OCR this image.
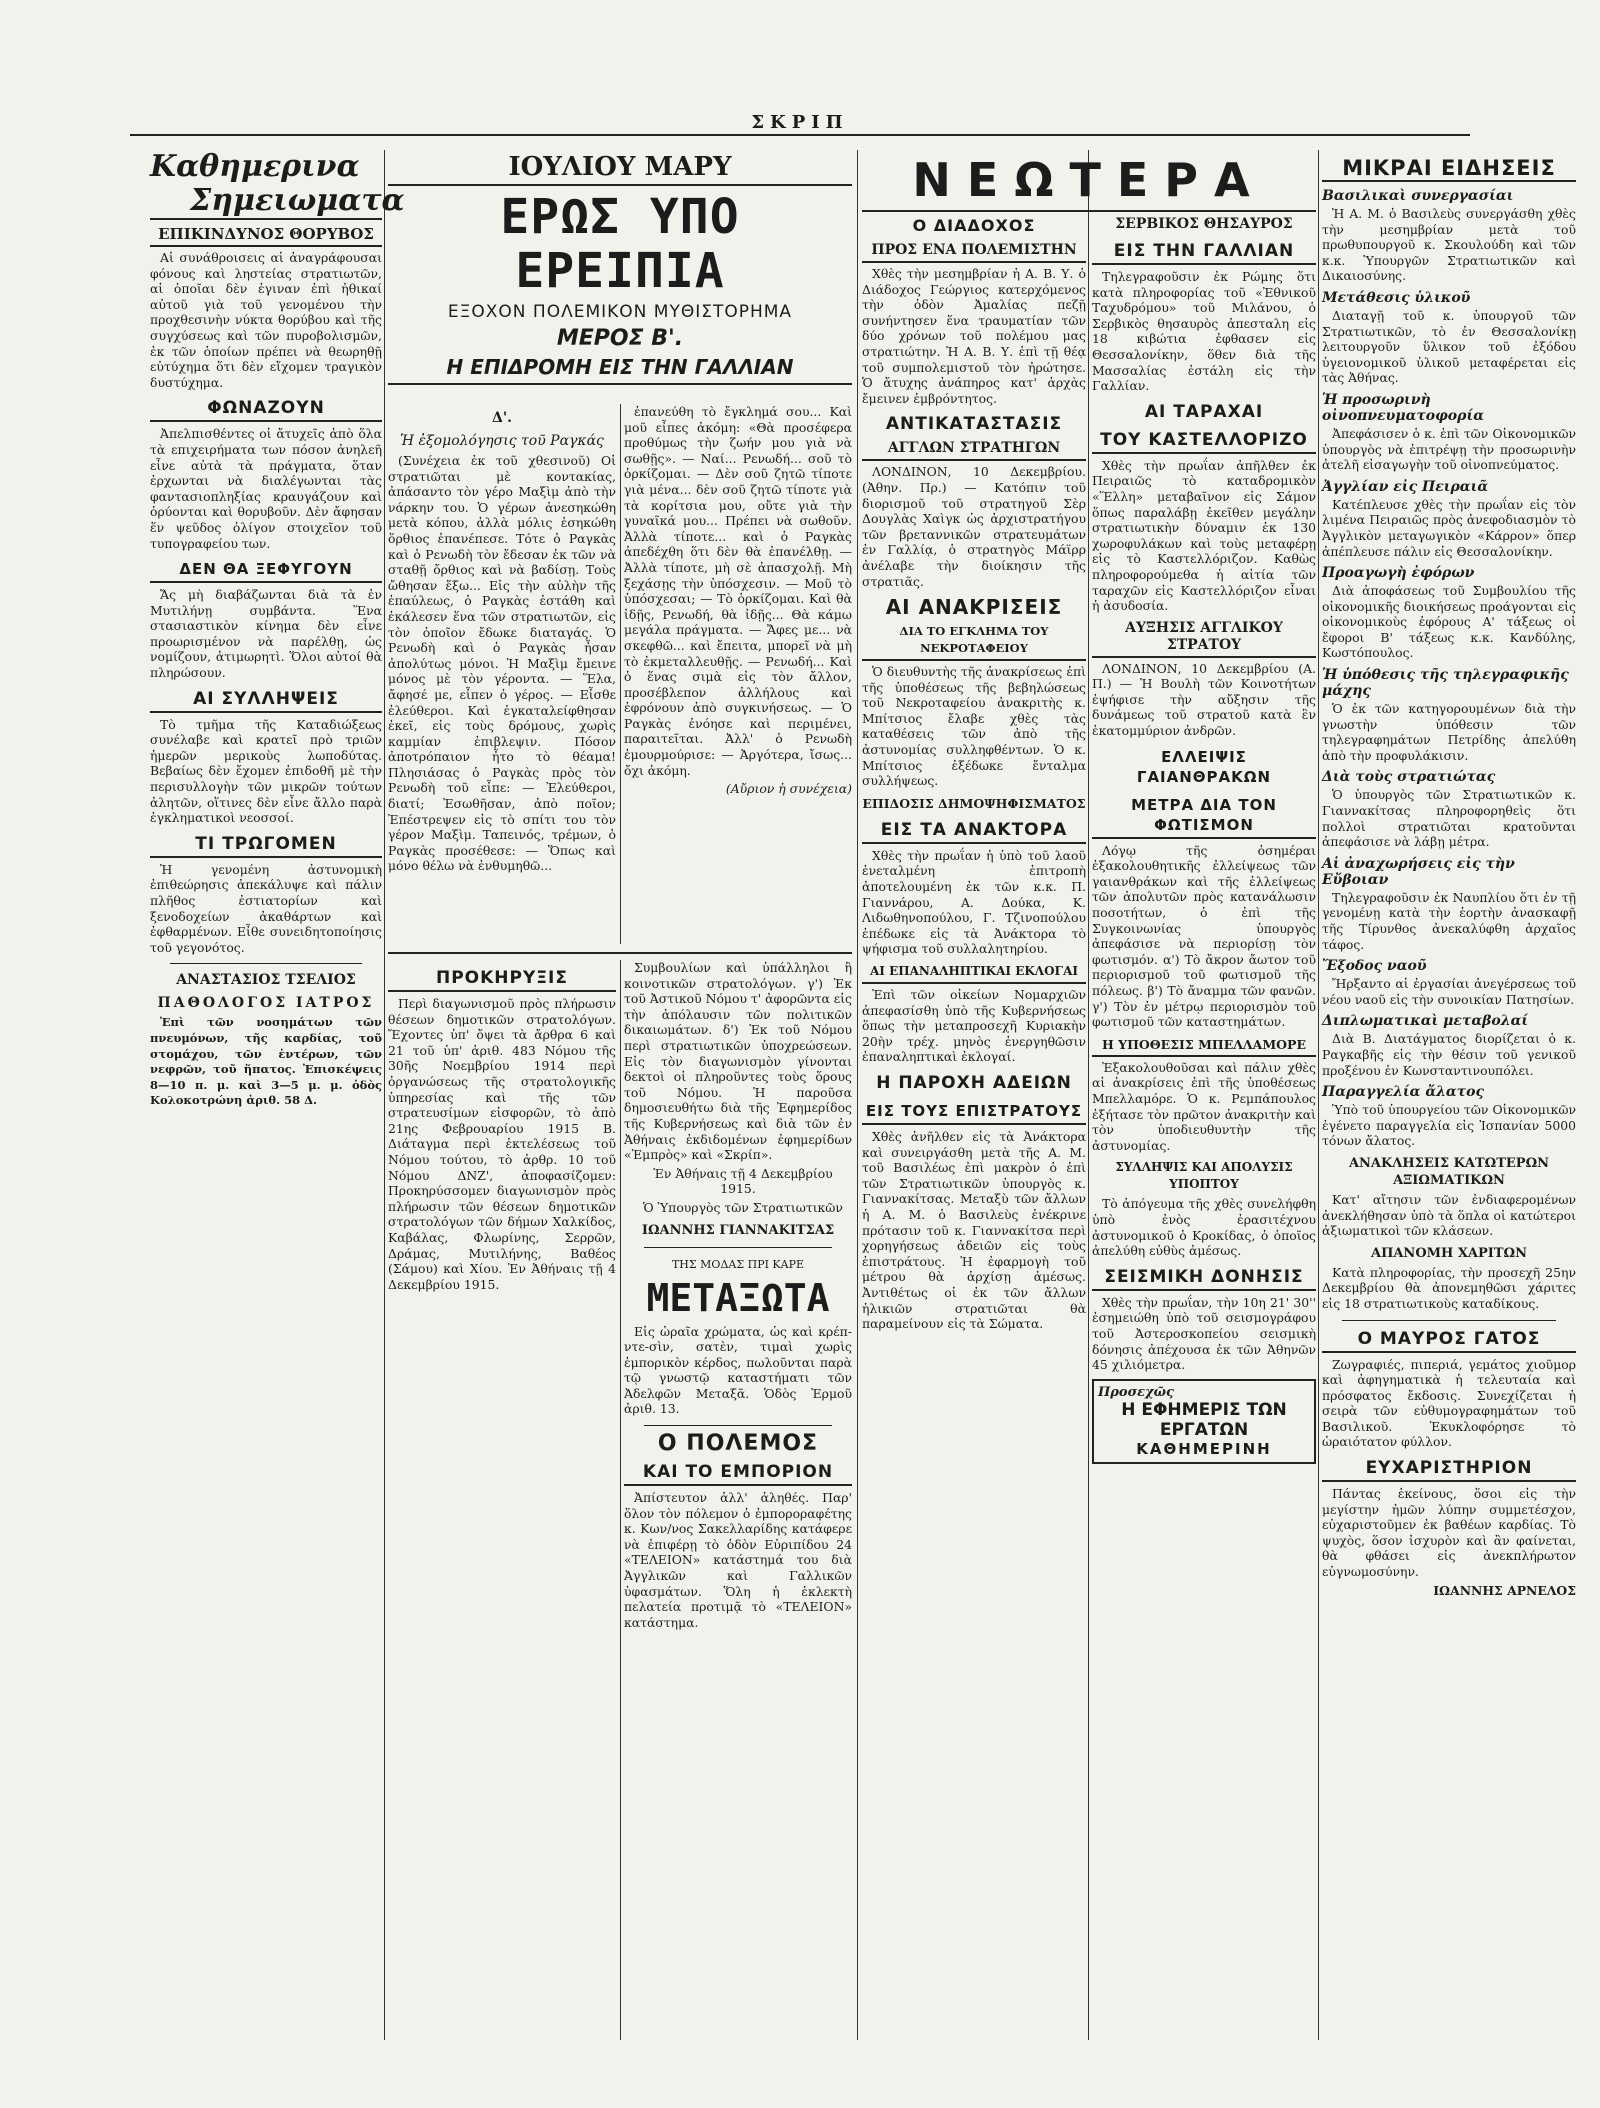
ΣΚΡΙΠ
Καθημερινα
Σημειωματα
ΕΠΙΚΙΝΔΥΝΟΣ ΘΟΡΥΒΟΣ

Αἱ συνάθροισεις αἱ ἀναγράφουσαι φόνους καὶ ληστείας στρατιωτῶν, αἱ ὁποῖαι δὲν ἐγιναν ἐπὶ ἠθικαί αὐτοῦ γιὰ τοῦ γενομένου τὴν προχθεσινὴν νύκτα θορύβου καὶ τῆς συγχύσεως καὶ τῶν πυροβολισμῶν, ἐκ τῶν ὁποίων πρέπει νὰ θεωρηθῇ εὐτύχημα ὅτι δὲν εἴχομεν τραγικὸν δυστύχημα.

ΦΩΝΑΖΟΥΝ

Ἀπελπισθέντες οἱ ἄτυχεῖς ἀπὸ ὅλα τὰ επιχειρήματα των πόσον ἀνηλεῆ εἶνε αὐτὰ τὰ πράγματα, ὅταν ἐρχωνται νὰ διαλέγωνται τὰς φαντασιοπληξίας κραυγάζουν καὶ ὀρύονται καὶ θορυβοῦν. Δὲν ἄφησαν ἕν ψεῦδος ὀλίγον στοιχεῖον τοῦ τυπογραφείου των.

ΔΕΝ ΘΑ ΞΕΦΥΓΟΥΝ

Ἄς μὴ διαβάζωνται διὰ τὰ ἐν Μυτιλήνῃ συμβάντα. Ἕνα στασιαστικὸν κίνημα δὲν εἶνε προωρισμένον νὰ παρέλθῃ, ὡς νομίζουν, ἀτιμωρητὶ. Ὅλοι αὐτοί θὰ πληρώσουν.

ΑΙ ΣΥΛΛΗΨΕΙΣ

Τὸ τμῆμα τῆς Καταδιώξεως συνέλαβε καὶ κρατεῖ πρὸ τριῶν ἡμερῶν μερικοὺς λωποδύτας. Βεβαίως δὲν ἔχομεν ἐπιδοθῆ μὲ τὴν περισυλλογὴν τῶν μικρῶν τούτων ἀλητῶν, οἵτινες δὲν εἶνε ἄλλο παρὰ ἐγκληματικοὶ νεοσσοί.

ΤΙ ΤΡΩΓΟΜΕΝ

Ἡ γενομένη ἀστυνομικὴ ἐπιθεώρησις ἀπεκάλυψε καὶ πάλιν πλῆθος ἐστιατορίων καὶ ξενοδοχείων ἀκαθάρτων καὶ ἐφθαρμένων. Εἶθε συνειδητοποίησις τοῦ γεγονότος.

ΑΝΑΣΤΑΣΙΟΣ ΤΣΕΛΙΟΣ
ΠΑΘΟΛΟΓΟΣ ΙΑΤΡΟΣ

Ἐπὶ τῶν νοσημάτων τῶν πνευμόνων, τῆς καρδίας, τοῦ στομάχου, τῶν ἐντέρων, τῶν νεφρῶν, τοῦ ἥπατος. Ἐπισκέψεις 8—10 π. μ. καὶ 3—5 μ. μ. ὁδὸς Κολοκοτρώνη ἀριθ. 58 Δ.

ΙΟΥΛΙΟΥ ΜΑΡΥ
ΕΡΩΣ ΥΠΟ ΕΡΕΙΠΙΑ
ΕΞΟΧΟΝ ΠΟΛΕΜΙΚΟΝ ΜΥΘΙΣΤΟΡΗΜΑ
ΜΕΡΟΣ Β'.
Η ΕΠΙΔΡΟΜΗ ΕΙΣ ΤΗΝ ΓΑΛΛΙΑΝ
Δ'.
Ἡ ἐξομολόγησις τοῦ Ραγκάς

(Συνέχεια ἐκ τοῦ χθεσινοῦ) Οἱ στρατιῶται μὲ κοντακίας, ἀπάσαντο τὸν γέρο Μαξὶμ ἀπὸ τὴν νάρκην του. Ὁ γέρων ἀνεσηκώθη μετὰ κόπου, ἀλλὰ μόλις ἐσηκώθη ὅρθιος ἐπανέπεσε. Τότε ὁ Ραγκὰς καὶ ὁ Ρενωδὴ τὸν ἔδεσαν ἐκ τῶν νὰ σταθῇ ὄρθιος καὶ νὰ βαδίσῃ. Τοὺς ὤθησαν ἔξω... Εἰς τὴν αὐλὴν τῆς ἐπαύλεως, ὁ Ραγκὰς ἐστάθη καὶ ἐκάλεσεν ἕνα τῶν στρατιωτῶν, εἰς τὸν ὁποῖον ἔδωκε διαταγάς. Ὁ Ρενωδὴ καὶ ὁ Ραγκὰς ἦσαν ἀπολύτως μόνοι. Ἡ Μαξὶμ ἔμεινε μόνος μὲ τὸν γέροντα. — Ἕλα, ἄφησέ με, εἶπεν ὁ γέρος. — Εἶσθε ἐλεύθεροι. Καὶ ἐγκαταλείφθησαν ἐκεῖ, εἰς τοὺς δρόμους, χωρὶς καμμίαν ἐπιβλεψιν. Πόσον ἀποτρόπαιον ἦτο τὸ θέαμα! Πλησιάσας ὁ Ραγκὰς πρὸς τὸν Ρενωδὴ τοῦ εἶπε: — Ἐλεύθεροι, διατί; Ἐσωθῆσαν, ἀπὸ ποῖον; Ἐπέστρεψεν εἰς τὸ σπίτι του τὸν γέρον Μαξὶμ. Ταπεινός, τρέμων, ὁ Ραγκὰς προσέθεσε: — Ὅπως καὶ μόνο θέλω νὰ ἐνθυμηθῶ...

ἐπανεύθη τὸ ἔγκλημά σου... Καὶ μοῦ εἶπες ἀκόμη: «Θὰ προσέφερα προθύμως τὴν ζωήν μου γιὰ νὰ σωθῇς». — Ναί... Ρενωδή... σοῦ τὸ ὁρκίζομαι. — Δὲν σοῦ ζητῶ τίποτε γιὰ μένα... δὲν σοῦ ζητῶ τίποτε γιὰ τὰ κορίτσια μου, οὔτε γιὰ τὴν γυναῖκά μου... Πρέπει νὰ σωθοῦν. Ἀλλὰ τίποτε... καὶ ὁ Ραγκὰς ἀπεδέχθη ὅτι δὲν θὰ ἐπανέλθῃ. — Ἀλλὰ τίποτε, μὴ σὲ ἀπασχολῇ. Μὴ ξεχάσῃς τὴν ὑπόσχεσιν. — Μοῦ τὸ ὑπόσχεσαι; — Τὸ ὁρκίζομαι. Καὶ θὰ ἰδῇς, Ρενωδή, θὰ ἰδῇς... Θὰ κάμω μεγάλα πράγματα. — Ἄφες με... νὰ σκεφθῶ... καὶ ἔπειτα, μπορεῖ νὰ μὴ τὸ ἐκμεταλλευθῇς. — Ρενωδή... Καὶ ὁ ἕνας σιμὰ εἰς τὸν ἄλλον, προσέβλεπον ἀλλήλους καὶ ἐφρόνουν ἀπὸ συγκινήσεως. — Ὁ Ραγκὰς ἐνόησε καὶ περιμένει, παραιτεῖται. Ἀλλ' ὁ Ρενωδὴ ἐμουρμούρισε: — Ἀργότερα, ἴσως... ὄχι ἀκόμη.

(Αὔριον ἡ συνέχεια)

ΠΡΟΚΗΡΥΞΙΣ

Περὶ διαγωνισμοῦ πρὸς πλήρωσιν θέσεων δημοτικῶν στρατολόγων. Ἔχοντες ὑπ' ὄψει τὰ ἄρθρα 6 καὶ 21 τοῦ ὑπ' ἀριθ. 483 Νόμου τῆς 30ῆς Νοεμβρίου 1914 περὶ ὀργανώσεως τῆς στρατολογικῆς ὑπηρεσίας καὶ τῆς τῶν στρατευσίμων εἰσφορῶν, τὸ ἀπὸ 21ης Φεβρουαρίου 1915 Β. Διάταγμα περὶ ἐκτελέσεως τοῦ Νόμου τούτου, τὸ ἀρθρ. 10 τοῦ Νόμου ΔΝΖ', ἀποφασίζομεν: Προκηρύσσομεν διαγωνισμὸν πρὸς πλήρωσιν τῶν θέσεων δημοτικῶν στρατολόγων τῶν δήμων Χαλκίδος, Καβάλας, Φλωρίνης, Σερρῶν, Δράμας, Μυτιλήνης, Βαθέος (Σάμου) καὶ Χίου. Ἐν Ἀθήναις τῇ 4 Δεκεμβρίου 1915.

Συμβουλίων καὶ ὑπάλληλοι ἢ κοινοτικῶν στρατολόγων. γ') Ἐκ τοῦ Ἀστικοῦ Νόμου τ' ἀφορῶντα εἰς τὴν ἀπόλαυσιν τῶν πολιτικῶν δικαιωμάτων. δ') Ἐκ τοῦ Νόμου περὶ στρατιωτικῶν ὑποχρεώσεων. Εἰς τὸν διαγωνισμὸν γίνονται δεκτοὶ οἱ πληροῦντες τοὺς ὅρους τοῦ Νόμου. Ἡ παροῦσα δημοσιευθήτω διὰ τῆς Ἐφημερίδος τῆς Κυβερνήσεως καὶ διὰ τῶν ἐν Ἀθήναις ἐκδιδομένων ἐφημερίδων «Ἐμπρὸς» καὶ «Σκρίπ».

Ἐν Ἀθήναις τῇ 4 Δεκεμβρίου 1915.

Ὁ Ὑπουργὸς τῶν Στρατιωτικῶν

ΙΩΑΝΝΗΣ ΓΙΑΝΝΑΚΙΤΣΑΣ
ΤΗΣ ΜΟΔΑΣ ΠΡΙ ΚΑΡΕ
ΜΕΤΑΞΩΤΑ

Εἰς ὡραῖα χρώματα, ὡς καὶ κρέπ-ντε-σὶν, σατὲν, τιμαὶ χωρὶς ἐμπορικὸν κέρδος, πωλοῦνται παρὰ τῷ γνωστῷ καταστήματι τῶν Ἀδελφῶν Μεταξᾶ. Ὁδὸς Ἑρμοῦ ἀριθ. 13.

Ο ΠΟΛΕΜΟΣ
ΚΑΙ ΤΟ ΕΜΠΟΡΙΟΝ

Ἀπίστευτον ἀλλ' ἀληθές. Παρ' ὅλον τὸν πόλεμον ὁ ἐμποροραφέτης κ. Κων/νος Σακελλαρίδης κατάφερε νὰ ἐπιφέρῃ τὸ ὁδὸν Εὐριπίδου 24 «ΤΕΛΕΙΟΝ» κατάστημά του διὰ Ἀγγλικῶν καὶ Γαλλικῶν ὑφασμάτων. Ὅλη ἡ ἐκλεκτὴ πελατεία προτιμᾷ τὸ «ΤΕΛΕΙΟΝ» κατάστημα.

ΝΕΩΤΕΡΑ
Ο ΔΙΑΔΟΧΟΣ
ΠΡΟΣ ΕΝΑ ΠΟΛΕΜΙΣΤΗΝ

Χθὲς τὴν μεσημβρίαν ἡ Α. Β. Υ. ὁ Διάδοχος Γεώργιος κατερχόμενος τὴν ὁδὸν Ἀμαλίας πεζῇ συνήντησεν ἕνα τραυματίαν τῶν δύο χρόνων τοῦ πολέμου μας στρατιώτην. Ἡ Α. Β. Υ. ἐπὶ τῇ θέᾳ τοῦ συμπολεμιστοῦ τὸν ἠρώτησε. Ὁ ἄτυχης ἀνάπηρος κατ' ἀρχὰς ἔμεινεν ἐμβρόντητος.

ΑΝΤΙΚΑΤΑΣΤΑΣΙΣ
ΑΓΓΛΩΝ ΣΤΡΑΤΗΓΩΝ

ΛΟΝΔΙΝΟΝ, 10 Δεκεμβρίου. (Ἀθην. Πρ.) — Κατόπιν τοῦ διορισμοῦ τοῦ στρατηγοῦ Σὲρ Δουγλὰς Χαὶγκ ὡς ἀρχιστρατήγου τῶν βρεταννικῶν στρατευμάτων ἐν Γαλλίᾳ, ὁ στρατηγὸς Μάϊρρ ἀνέλαβε τὴν διοίκησιν τῆς στρατιᾶς.

ΑΙ ΑΝΑΚΡΙΣΕΙΣ
ΔΙΑ ΤΟ ΕΓΚΛΗΜΑ ΤΟΥ ΝΕΚΡΟΤΑΦΕΙΟΥ

Ὁ διευθυντὴς τῆς ἀνακρίσεως ἐπὶ τῆς ὑποθέσεως τῆς βεβηλώσεως τοῦ Νεκροταφείου ἀνακριτὴς κ. Μπίτσιος ἔλαβε χθὲς τὰς καταθέσεις τῶν ἀπὸ τῆς ἀστυνομίας συλληφθέντων. Ὁ κ. Μπίτσιος ἐξέδωκε ἔνταλμα συλλήψεως.

ΕΠΙΔΟΣΙΣ ΔΗΜΟΨΗΦΙΣΜΑΤΟΣ
ΕΙΣ ΤΑ ΑΝΑΚΤΟΡΑ

Χθὲς τὴν πρωΐαν ἡ ὑπὸ τοῦ λαοῦ ἐνεταλμένη ἐπιτροπὴ ἀποτελουμένη ἐκ τῶν κ.κ. Π. Γιαννάρου, Α. Δούκα, Κ. Λιδωθηνοπούλου, Γ. Τζινοπούλου ἐπέδωκε εἰς τὰ Ἀνάκτορα τὸ ψήφισμα τοῦ συλλαλητηρίου.

ΑΙ ΕΠΑΝΑΛΗΠΤΙΚΑΙ ΕΚΛΟΓΑΙ

Ἐπὶ τῶν οἰκείων Νομαρχιῶν ἀπεφασίσθη ὑπὸ τῆς Κυβερνήσεως ὅπως τὴν μεταπροσεχῆ Κυριακὴν 20ὴν τρέχ. μηνὸς ἐνεργηθῶσιν ἐπαναληπτικαὶ ἐκλογαί.

Η ΠΑΡΟΧΗ ΑΔΕΙΩΝ
ΕΙΣ ΤΟΥΣ ΕΠΙΣΤΡΑΤΟΥΣ

Χθὲς ἀνῆλθεν εἰς τὰ Ἀνάκτορα καὶ συνειργάσθη μετὰ τῆς Α. Μ. τοῦ Βασιλέως ἐπὶ μακρὸν ὁ ἐπὶ τῶν Στρατιωτικῶν ὑπουργὸς κ. Γιαννακίτσας. Μεταξὺ τῶν ἄλλων ἡ Α. Μ. ὁ Βασιλεὺς ἐνέκρινε πρότασιν τοῦ κ. Γιαννακίτσα περὶ χορηγήσεως ἀδειῶν εἰς τοὺς ἐπιστράτους. Ἡ ἐφαρμογὴ τοῦ μέτρου θὰ ἀρχίσῃ ἀμέσως. Ἀντιθέτως οἱ ἐκ τῶν ἄλλων ἡλικιῶν στρατιῶται θὰ παραμείνουν εἰς τὰ Σώματα.

ΣΕΡΒΙΚΟΣ ΘΗΣΑΥΡΟΣ
ΕΙΣ ΤΗΝ ΓΑΛΛΙΑΝ

Τηλεγραφοῦσιν ἐκ Ρώμης ὅτι κατὰ πληροφορίας τοῦ «Ἐθνικοῦ Ταχυδρόμου» τοῦ Μιλάνου, ὁ Σερβικὸς θησαυρὸς ἀπεσταλη εἰς 18 κιβώτια ἐφθασεν εἰς Θεσσαλονίκην, ὅθεν διὰ τῆς Μασσαλίας ἐστάλη εἰς τὴν Γαλλίαν.

ΑΙ ΤΑΡΑΧΑΙ
ΤΟΥ ΚΑΣΤΕΛΛΟΡΙΖΟ

Χθὲς τὴν πρωΐαν ἀπῆλθεν ἐκ Πειραιῶς τὸ καταδρομικὸν «Ἕλλη» μεταβαῖνον εἰς Σάμον ὅπως παραλάβῃ ἐκεῖθεν μεγάλην στρατιωτικὴν δύναμιν ἐκ 130 χωροφυλάκων καὶ τοὺς μεταφέρῃ εἰς τὸ Καστελλόριζον. Καθὼς πληροφορούμεθα ἡ αἰτία τῶν ταραχῶν εἰς Καστελλόριζον εἶναι ἡ ἀσυδοσία.

ΑΥΞΗΣΙΣ ΑΓΓΛΙΚΟΥ ΣΤΡΑΤΟΥ

ΛΟΝΔΙΝΟΝ, 10 Δεκεμβρίου (Α. Π.) — Ἡ Βουλὴ τῶν Κοινοτήτων ἐψήφισε τὴν αὔξησιν τῆς δυνάμεως τοῦ στρατοῦ κατὰ ἓν ἑκατομμύριον ἀνδρῶν.

ΕΛΛΕΙΨΙΣ ΓΑΙΑΝΘΡΑΚΩΝ
ΜΕΤΡΑ ΔΙΑ ΤΟΝ ΦΩΤΙΣΜΟΝ

Λόγῳ τῆς ὀσημέραι ἐξακολουθητικῆς ἐλλείψεως τῶν γαιανθράκων καὶ τῆς ἐλλείψεως τῶν ἀπολυτῶν πρὸς κατανάλωσιν ποσοτήτων, ὁ ἐπὶ τῆς Συγκοινωνίας ὑπουργὸς ἀπεφάσισε νὰ περιορίσῃ τὸν φωτισμόν. α') Τὸ ἄκρον ἄωτον τοῦ περιορισμοῦ τοῦ φωτισμοῦ τῆς πόλεως. β') Τὸ ἄναμμα τῶν φανῶν. γ') Τὸν ἐν μέτρῳ περιορισμὸν τοῦ φωτισμοῦ τῶν καταστημάτων.

Η ΥΠΟΘΕΣΙΣ ΜΠΕΛΛΑΜΟΡΕ

Ἐξακολουθοῦσαι καὶ πάλιν χθὲς αἱ ἀνακρίσεις ἐπὶ τῆς ὑποθέσεως Μπελλαμόρε. Ὁ κ. Ρεμπάπουλος ἐξήτασε τὸν πρῶτον ἀνακριτὴν καὶ τὸν ὑποδιευθυντὴν τῆς ἀστυνομίας.

ΣΥΛΛΗΨΙΣ ΚΑΙ ΑΠΟΛΥΣΙΣ ΥΠΟΠΤΟΥ

Τὸ ἀπόγευμα τῆς χθὲς συνελήφθη ὑπὸ ἐνὸς ἐρασιτέχνου ἀστυνομικοῦ ὁ Κροκίδας, ὁ ὁποῖος ἀπελύθη εὐθὺς ἀμέσως.

ΣΕΙΣΜΙΚΗ ΔΟΝΗΣΙΣ

Χθὲς τὴν πρωΐαν, τὴν 10η 21' 30'' ἐσημειώθη ὑπὸ τοῦ σεισμογράφου τοῦ Ἀστεροσκοπείου σεισμικὴ δόνησις ἀπέχουσα ἐκ τῶν Ἀθηνῶν 45 χιλιόμετρα.

Προσεχῶς
Η ΕΦΗΜΕΡΙΣ ΤΩΝ ΕΡΓΑΤΩΝ
ΚΑΘΗΜΕΡΙΝΗ
ΜΙΚΡΑΙ ΕΙΔΗΣΕΙΣ
Βασιλικαὶ συνεργασίαι

Ἡ Α. Μ. ὁ Βασιλεὺς συνεργάσθη χθὲς τὴν μεσημβρίαν μετὰ τοῦ πρωθυπουργοῦ κ. Σκουλούδη καὶ τῶν κ.κ. Ὑπουργῶν Στρατιωτικῶν καὶ Δικαιοσύνης.

Μετάθεσις ὑλικοῦ

Διαταγῇ τοῦ κ. ὑπουργοῦ τῶν Στρατιωτικῶν, τὸ ἐν Θεσσαλονίκῃ λειτουργοῦν ὕλικον τοῦ ἐξόδου ὑγειονομικοῦ ὑλικοῦ μεταφέρεται εἰς τὰς Ἀθήνας.

Ἡ προσωρινὴ οἰνοπνευματοφορία

Ἀπεφάσισεν ὁ κ. ἐπὶ τῶν Οἰκονομικῶν ὑπουργὸς νὰ ἐπιτρέψῃ τὴν προσωρινὴν ἀτελῆ εἰσαγωγὴν τοῦ οἰνοπνεύματος.

Ἀγγλίαν εἰς Πειραιᾶ

Κατέπλευσε χθὲς τὴν πρωΐαν εἰς τὸν λιμένα Πειραιῶς πρὸς ἀνεφοδιασμὸν τὸ Ἀγγλικὸν μεταγωγικὸν «Κάρρον» ὅπερ ἀπέπλευσε πάλιν εἰς Θεσσαλονίκην.

Προαγωγὴ ἐφόρων

Διὰ ἀποφάσεως τοῦ Συμβουλίου τῆς οἰκονομικῆς διοικήσεως προάγονται εἰς οἰκονομικοὺς ἐφόρους Α' τάξεως οἱ ἔφοροι Β' τάξεως κ.κ. Κανδύλης, Κωστόπουλος.

Ἡ ὑπόθεσις τῆς τηλεγραφικῆς μάχης

Ὁ ἐκ τῶν κατηγορουμένων διὰ τὴν γνωστὴν ὑπόθεσιν τῶν τηλεγραφημάτων Πετρίδης ἀπελύθη ἀπὸ τὴν προφυλάκισιν.

Διὰ τοὺς στρατιώτας

Ὁ ὑπουργὸς τῶν Στρατιωτικῶν κ. Γιαννακίτσας πληροφορηθεὶς ὅτι πολλοὶ στρατιῶται κρατοῦνται ἀπεφάσισε νὰ λάβῃ μέτρα.

Αἱ ἀναχωρήσεις εἰς τὴν Εὔβοιαν

Τηλεγραφοῦσιν ἐκ Ναυπλίου ὅτι ἐν τῇ γενομένῃ κατὰ τὴν ἑορτὴν ἀνασκαφῇ τῆς Τίρυνθος ἀνεκαλύφθη ἀρχαῖος τάφος.

Ἔξοδος ναοῦ

Ἤρξαντο αἱ ἐργασίαι ἀνεγέρσεως τοῦ νέου ναοῦ εἰς τὴν συνοικίαν Πατησίων.

Διπλωματικαὶ μεταβολαί

Διὰ Β. Διατάγματος διορίζεται ὁ κ. Ραγκαβῆς εἰς τὴν θέσιν τοῦ γενικοῦ προξένου ἐν Κωνσταντινουπόλει.

Παραγγελία ἄλατος

Ὑπὸ τοῦ ὑπουργείου τῶν Οἰκονομικῶν ἐγένετο παραγγελία εἰς Ἰσπανίαν 5000 τόνων ἄλατος.

ΑΝΑΚΛΗΣΕΙΣ ΚΑΤΩΤΕΡΩΝ ΑΞΙΩΜΑΤΙΚΩΝ

Κατ' αἴτησιν τῶν ἐνδιαφερομένων ἀνεκλήθησαν ὑπὸ τὰ ὅπλα οἱ κατώτεροι ἀξιωματικοὶ τῶν κλάσεων.

ΑΠΑΝΟΜΗ ΧΑΡΙΤΩΝ

Κατὰ πληροφορίας, τὴν προσεχῆ 25ην Δεκεμβρίου θὰ ἀπονεμηθῶσι χάριτες εἰς 18 στρατιωτικοὺς καταδίκους.

Ο ΜΑΥΡΟΣ ΓΑΤΟΣ

Ζωγραφιές, πιπεριά, γεμάτος χιοῦμορ καὶ ἀφηγηματικὰ ἡ τελευταία καὶ πρόσφατος ἔκδοσις. Συνεχίζεται ἡ σειρὰ τῶν εὐθυμογραφημάτων τοῦ Βασιλικοῦ. Ἐκυκλοφόρησε τὸ ὡραιότατον φύλλον.

ΕΥΧΑΡΙΣΤΗΡΙΟΝ

Πάντας ἐκείνους, ὅσοι εἰς τὴν μεγίστην ἡμῶν λύπην συμμετέσχον, εὐχαριστοῦμεν ἐκ βαθέων καρδίας. Τὸ ψυχὸς, ὅσον ἰσχυρὸν καὶ ἂν φαίνεται, θὰ φθάσει εἰς ἀνεκπλήρωτον εὐγνωμοσύνην.

ΙΩΑΝΝΗΣ ΑΡΝΕΛΟΣ
